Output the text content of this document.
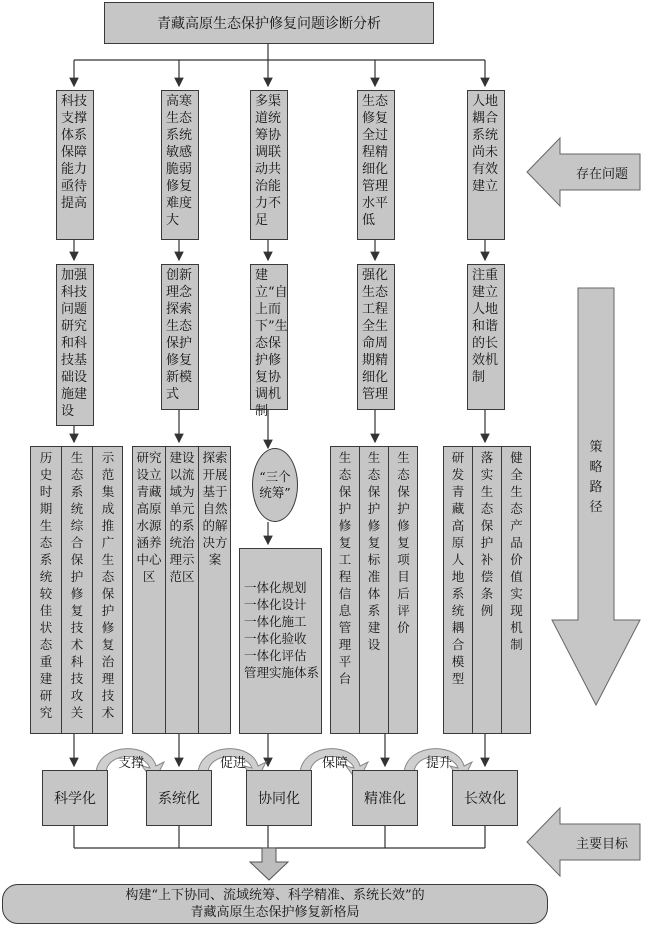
青藏高原生态保护修复问题诊断分析
科技支撑体系保障能力亟待提高
高寒生态系统敏感脆弱修复难度大
多渠道统筹协调联动共治能力不足
生态修复全过程精细化管理水平低
人地耦合系统尚未有效建立
加强科技问题研究和科技基础设施建设
创新理念探索生态保护修复新模式
建立“自上而下”生态保护修复协调机制
强化生态工程全生命周期精细化管理
注重建立人地和谐的长效机制
历史时期生态系统较佳状态重建研究
生态系统综合保护修复技术科技攻关
示范集成推广生态保护修复治理技术
研究设立青藏高原水源涵养中心区
建设以流域为单元的系统治理示范区
探索开展基于自然的解决方案
“三个统筹”
一体化规划
一体化设计
一体化施工
一体化验收
一体化评估
管理实施体系
生态保护修复工程信息管理平台
生态保护修复标准体系建设
生态保护修复项目后评价
研发青藏高原人地系统耦合模型
落实生态保护补偿条例
健全生态产品价值实现机制
支撑	促进	保障	提升
科学化	系统化	协同化	精准化	长效化
存在问题
策略路径
主要目标
构建“上下协同、流域统筹、科学精准、系统长效”的
青藏高原生态保护修复新格局
